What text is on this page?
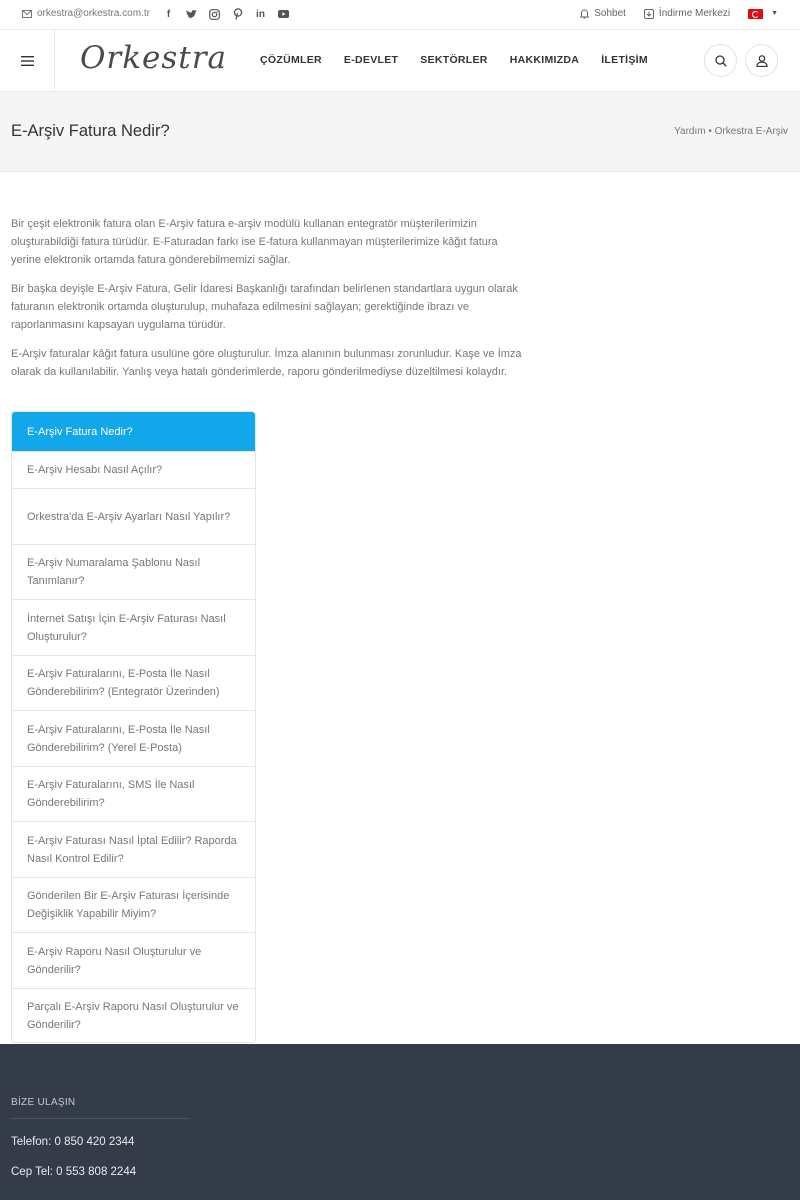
orkestra@orkestra.com.tr	f	in	Sohbet	İndirme Merkezi	▼
Orkestra	ÇÖZÜMLER E-DEVLET SEKTÖRLER HAKKIMIZDA İLETİŞİM
E-Arşiv Fatura Nedir?	Yardım • Orkestra E-Arşiv

Bir çeşit elektronik fatura olan E-Arşiv fatura e-arşiv modülü kullanan entegratör müşterilerimizin oluşturabildiği fatura türüdür. E-Faturadan farkı ise E-fatura kullanmayan müşterilerimize kâğıt fatura yerine elektronik ortamda fatura gönderebilmemizi sağlar.

Bir başka deyişle E-Arşiv Fatura, Gelir İdaresi Başkanlığı tarafından belirlenen standartlara uygun olarak faturanın elektronik ortamda oluşturulup, muhafaza edilmesini sağlayan; gerektiğinde ibrazı ve raporlanmasını kapsayan uygulama türüdür.

E-Arşiv faturalar kâğıt fatura usulüne göre oluşturulur. İmza alanının bulunması zorunludur. Kaşe ve İmza olarak da kullanılabilir. Yanlış veya hatalı gönderimlerde, raporu gönderilmediyse düzeltilmesi kolaydır.

E-Arşiv Fatura Nedir?
E-Arşiv Hesabı Nasıl Açılır?
Orkestra'da E-Arşiv Ayarları Nasıl Yapılır?
E-Arşiv Numaralama Şablonu Nasıl Tanımlanır?
İnternet Satışı İçin E-Arşiv Faturası Nasıl Oluşturulur?
E-Arşiv Faturalarını, E-Posta İle Nasıl Gönderebilirim? (Entegratör Üzerinden)
E-Arşiv Faturalarını, E-Posta İle Nasıl Gönderebilirim? (Yerel E-Posta)
E-Arşiv Faturalarını, SMS İle Nasıl Gönderebilirim?
E-Arşiv Faturası Nasıl İptal Edilir? Raporda Nasıl Kontrol Edilir?
Gönderilen Bir E-Arşiv Faturası İçerisinde Değişiklik Yapabilir Miyim?
E-Arşiv Raporu Nasıl Oluşturulur ve Gönderilir?
Parçalı E-Arşiv Raporu Nasıl Oluşturulur ve Gönderilir?
BİZE ULAŞIN
Telefon: 0 850 420 2344
Cep Tel: 0 553 808 2244
